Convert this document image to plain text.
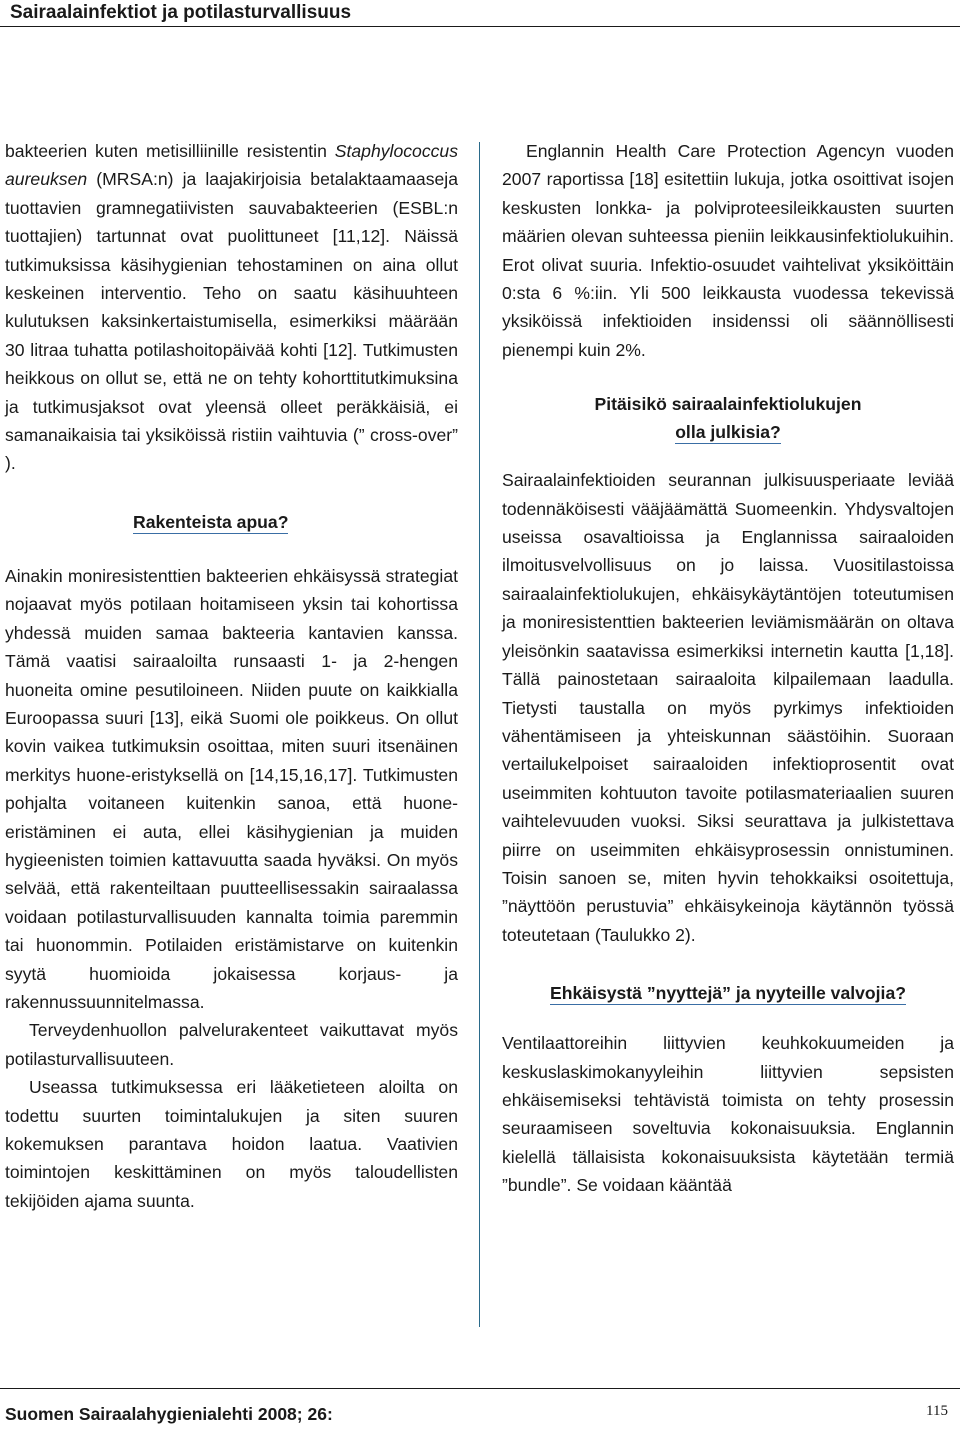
Sairaalainfektiot ja potilasturvallisuus

bakteerien kuten metisilliinille resistentin Staphylococcus aureuksen (MRSA:n) ja laajakirjoisia betalaktaamaaseja tuottavien gramnegatiivisten sauvabakteerien (ESBL:n tuottajien) tartunnat ovat puolittuneet [11,12]. Näissä tutkimuksissa käsihygienian tehostaminen on aina ollut keskeinen interventio. Teho on saatu käsihuuhteen kulutuksen kaksinkertaistumisella, esimerkiksi määrään 30 litraa tuhatta potilashoitopäivää kohti [12]. Tutkimusten heikkous on ollut se, että ne on tehty kohorttitutkimuksina ja tutkimusjaksot ovat yleensä olleet peräkkäisiä, ei samanaikaisia tai yksiköissä ristiin vaihtuvia (” cross-over” ).

Rakenteista apua?

Ainakin moniresistenttien bakteerien ehkäisyssä strategiat nojaavat myös potilaan hoitamiseen yksin tai kohortissa yhdessä muiden samaa bakteeria kantavien kanssa. Tämä vaatisi sairaaloilta runsaasti 1- ja 2-hengen huoneita omine pesutiloineen. Niiden puute on kaikkialla Euroopassa suuri [13], eikä Suomi ole poikkeus. On ollut kovin vaikea tutkimuksin osoittaa, miten suuri itsenäinen merkitys huone-eristyksellä on [14,15,16,17]. Tutkimusten pohjalta voitaneen kuitenkin sanoa, että huone-eristäminen ei auta, ellei käsihygienian ja muiden hygieenisten toimien kattavuutta saada hyväksi. On myös selvää, että rakenteiltaan puutteellisessakin sairaalassa voidaan potilasturvallisuuden kannalta toimia paremmin tai huonommin. Potilaiden eristämistarve on kuitenkin syytä huomioida jokaisessa korjaus- ja rakennussuunnitelmassa.

Terveydenhuollon palvelurakenteet vaikuttavat myös potilasturvallisuuteen.

Useassa tutkimuksessa eri lääketieteen aloilta on todettu suurten toimintalukujen ja siten suuren kokemuksen parantava hoidon laatua. Vaativien toimintojen keskittäminen on myös taloudellisten tekijöiden ajama suunta.

Englannin Health Care Protection Agencyn vuoden 2007 raportissa [18] esitettiin lukuja, jotka osoittivat isojen keskusten lonkka- ja polviproteesileikkausten suurten määrien olevan suhteessa pieniin leikkausinfektiolukuihin. Erot olivat suuria. Infektio-osuudet vaihtelivat yksiköittäin 0:sta 6 %:iin. Yli 500 leikkausta vuodessa tekevissä yksiköissä infektioiden insidenssi oli säännöllisesti pienempi kuin 2%.

Pitäisikö sairaalainfektiolukujen
olla julkisia?

Sairaalainfektioiden seurannan julkisuusperiaate leviää todennäköisesti vääjäämättä Suomeenkin. Yhdysvaltojen useissa osavaltioissa ja Englannissa sairaaloiden ilmoitusvelvollisuus on jo laissa. Vuositilastoissa sairaalainfektiolukujen, ehkäisykäytäntöjen toteutumisen ja moniresistenttien bakteerien leviämismäärän on oltava yleisönkin saatavissa esimerkiksi internetin kautta [1,18]. Tällä painostetaan sairaaloita kilpailemaan laadulla. Tietysti taustalla on myös pyrkimys infektioiden vähentämiseen ja yhteiskunnan säästöihin. Suoraan vertailukelpoiset sairaaloiden infektioprosentit ovat useimmiten kohtuuton tavoite potilasmateriaalien suuren vaihtelevuuden vuoksi. Siksi seurattava ja julkistettava piirre on useimmiten ehkäisyprosessin onnistuminen. Toisin sanoen se, miten hyvin tehokkaiksi osoitettuja, ”näyttöön perustuvia” ehkäisykeinoja käytännön työssä toteutetaan (Taulukko 2).

Ehkäisystä ”nyyttejä” ja nyyteille valvojia?

Ventilaattoreihin liittyvien keuhkokuumeiden ja keskuslaskimokanyyleihin liittyvien sepsisten ehkäisemiseksi tehtävistä toimista on tehty prosessin seuraamiseen soveltuvia kokonaisuuksia. Englannin kielellä tällaisista kokonaisuuksista käytetään termiä ”bundle”. Se voidaan kääntää

Suomen Sairaalahygienialehti 2008; 26:	115
